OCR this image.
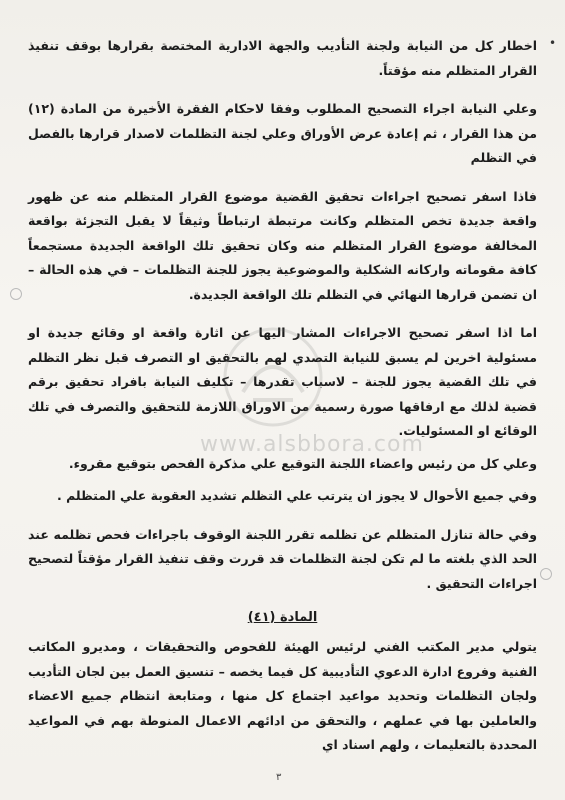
•

اخطار كل من النيابة ولجنة التأديب والجهة الادارية المختصة بقرارها بوقف تنفيذ القرار المتظلم منه مؤقتاً.

وعلي النيابة اجراء التصحيح المطلوب وفقا لاحكام الفقرة الأخيرة من المادة (١٢) من هذا القرار ، ثم إعادة عرض الأوراق وعلي لجنة التظلمات لاصدار قرارها بالفصل في التظلم

فاذا اسفر تصحيح اجراءات تحقيق القضية موضوع القرار المتظلم منه عن ظهور واقعة جديدة تخص المتظلم وكانت مرتبطة ارتباطاً وثيقاً لا يقبل التجزئة بواقعة المخالفة موضوع القرار المتظلم منه وكان تحقيق تلك الواقعة الجديدة مستجمعاً كافة مقوماته واركانه الشكلية والموضوعية يجوز للجنة التظلمات – في هذه الحالة – ان تضمن قرارها النهائي في التظلم تلك الواقعة الجديدة.

اما اذا اسفر تصحيح الاجراءات المشار اليها عن اثارة واقعة او وقائع جديدة او مسئولية اخرين لم يسبق للنيابة التصدي لهم بالتحقيق او التصرف قبل نظر التظلم في تلك القضية يجوز للجنة – لاسباب تقدرها – تكليف النيابة بافراد تحقيق برقم قضية لذلك مع ارفاقها صورة رسمية من الاوراق اللازمة للتحقيق والتصرف في تلك الوقائع او المسئوليات.

وعلي كل من رئيس واعضاء اللجنة التوقيع علي مذكرة الفحص بتوقيع مقروء.

وفي جميع الأحوال لا يجوز ان يترتب علي التظلم تشديد العقوبة علي المتظلم .

وفي حالة تنازل المتظلم عن تظلمه تقرر اللجنة الوقوف باجراءات فحص تظلمه عند الحد الذي بلغته ما لم تكن لجنة التظلمات قد قررت وقف تنفيذ القرار مؤقتاً لتصحيح اجراءات التحقيق .

المادة (٤١)

يتولي مدير المكتب الفني لرئيس الهيئة للفحوص والتحقيقات ، ومديرو المكاتب الفنية وفروع ادارة الدعوي التأديبية كل فيما يخصه – تنسيق العمل بين لجان التأديب ولجان التظلمات وتحديد مواعيد اجتماع كل منها ، ومتابعة انتظام جميع الاعضاء والعاملين بها في عملهم ، والتحقق من ادائهم الاعمال المنوطة بهم في المواعيد المحددة بالتعليمات ، ولهم اسناد اي

www.alsbbora.com
٣
